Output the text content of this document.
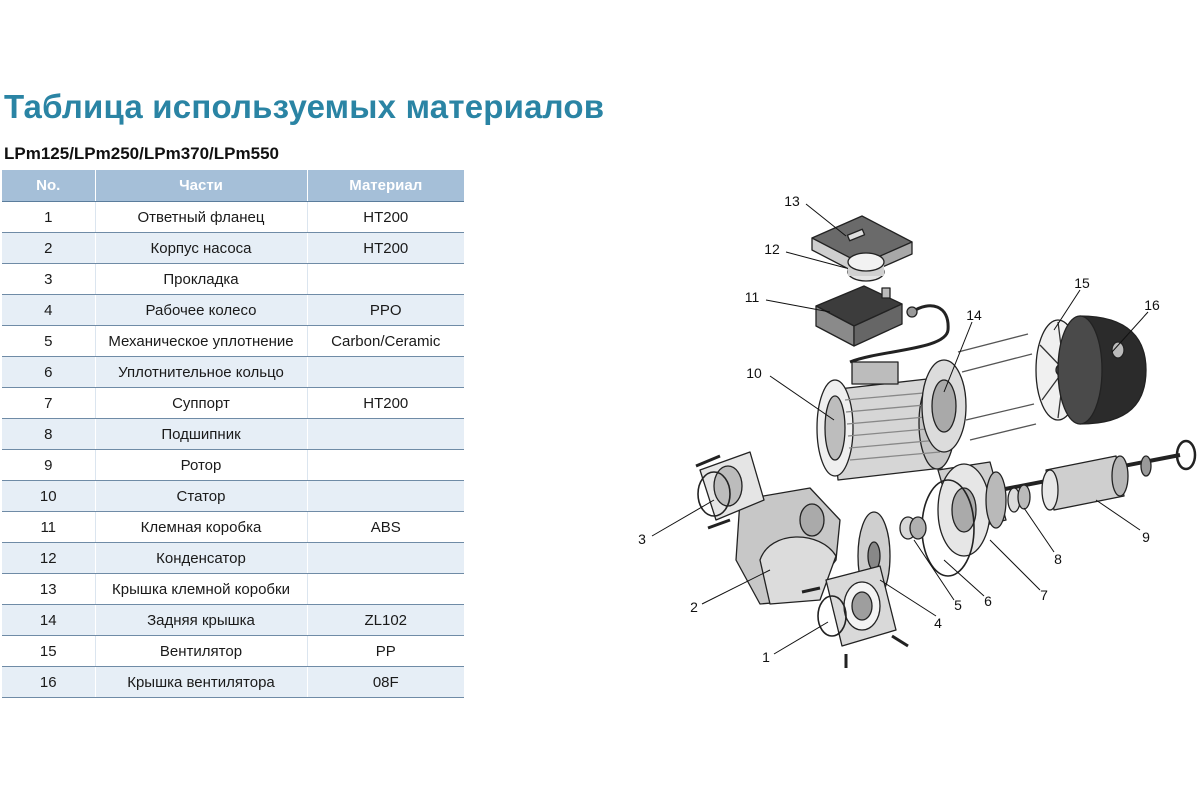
Таблица используемых материалов
LPm125/LPm250/LPm370/LPm550
No.	Части	Материал
1	Ответный фланец	HT200
2	Корпус насоса	HT200
3	Прокладка	
4	Рабочее колесо	PPO
5	Механическое уплотнение	Carbon/Ceramic
6	Уплотнительное кольцо	
7	Суппорт	HT200
8	Подшипник	
9	Ротор	
10	Статор	
11	Клемная коробка	ABS
12	Конденсатор	
13	Крышка клемной коробки	
14	Задняя крышка	ZL102
15	Вентилятор	PP
16	Крышка вентилятора	08F
13
12
11
10
14
15
16
3
2
1
4
5 6	7
8
9
